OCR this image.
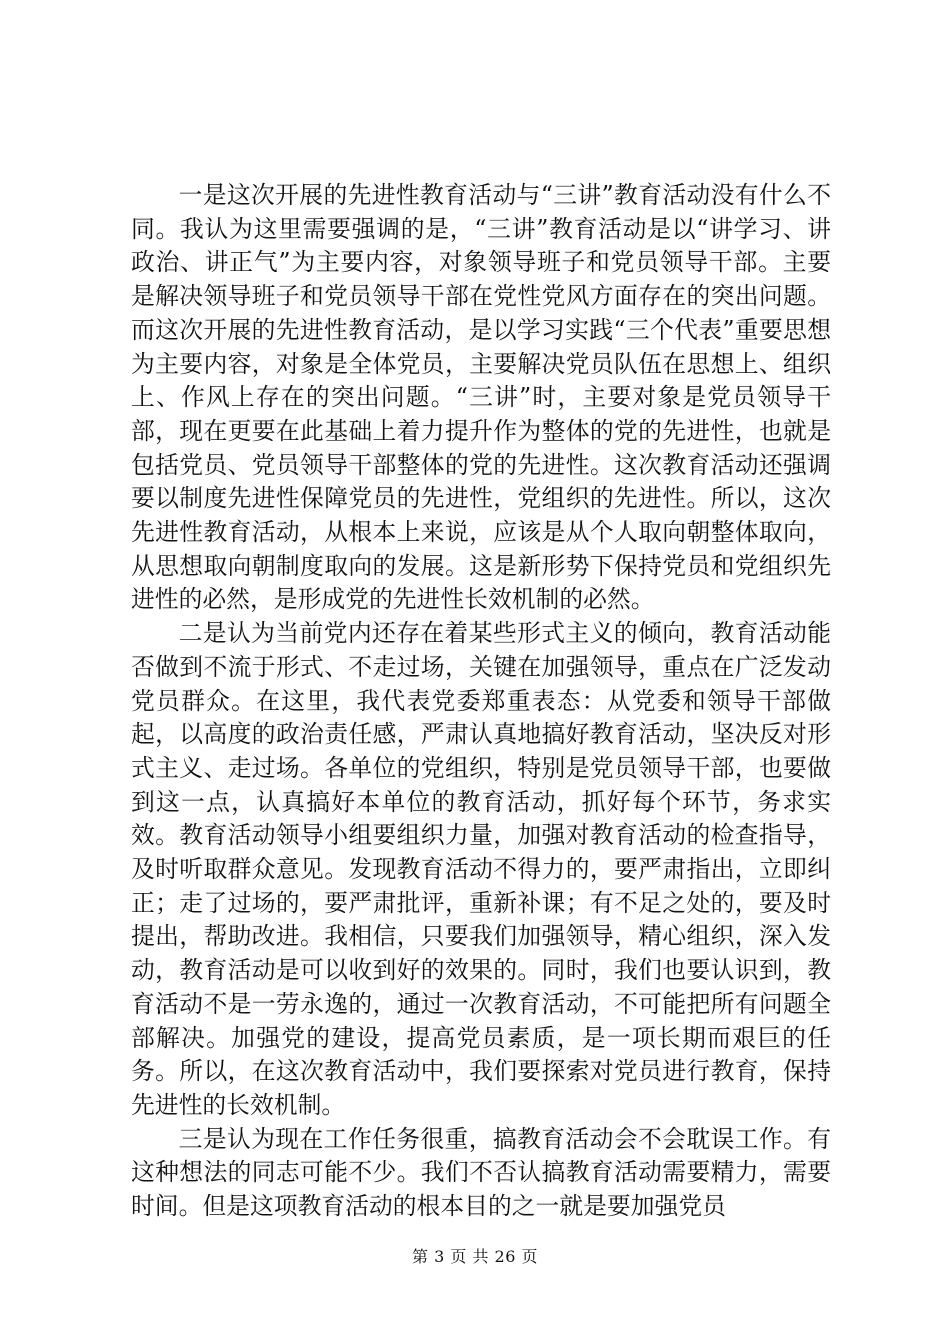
一是这次开展的先进性教育活动与“三讲”教育活动没有什么不同。我认为这里需要强调的是，“三讲”教育活动是以“讲学习、讲政治、讲正气”为主要内容，对象领导班子和党员领导干部。主要是解决领导班子和党员领导干部在党性党风方面存在的突出问题。而这次开展的先进性教育活动，是以学习实践“三个代表”重要思想为主要内容，对象是全体党员，主要解决党员队伍在思想上、组织上、作风上存在的突出问题。“三讲”时，主要对象是党员领导干部，现在更要在此基础上着力提升作为整体的党的先进性，也就是包括党员、党员领导干部整体的党的先进性。这次教育活动还强调要以制度先进性保障党员的先进性，党组织的先进性。所以，这次先进性教育活动，从根本上来说，应该是从个人取向朝整体取向，从思想取向朝制度取向的发展。这是新形势下保持党员和党组织先进性的必然，是形成党的先进性长效机制的必然。

二是认为当前党内还存在着某些形式主义的倾向，教育活动能否做到不流于形式、不走过场，关键在加强领导，重点在广泛发动党员群众。在这里，我代表党委郑重表态：从党委和领导干部做起，以高度的政治责任感，严肃认真地搞好教育活动，坚决反对形式主义、走过场。各单位的党组织，特别是党员领导干部，也要做到这一点，认真搞好本单位的教育活动，抓好每个环节，务求实效。教育活动领导小组要组织力量，加强对教育活动的检查指导，及时听取群众意见。发现教育活动不得力的，要严肃指出，立即纠正；走了过场的，要严肃批评，重新补课；有不足之处的，要及时提出，帮助改进。我相信，只要我们加强领导，精心组织，深入发动，教育活动是可以收到好的效果的。同时，我们也要认识到，教育活动不是一劳永逸的，通过一次教育活动，不可能把所有问题全部解决。加强党的建设，提高党员素质，是一项长期而艰巨的任务。所以，在这次教育活动中，我们要探索对党员进行教育，保持先进性的长效机制。

三是认为现在工作任务很重，搞教育活动会不会耽误工作。有这种想法的同志可能不少。我们不否认搞教育活动需要精力，需要时间。但是这项教育活动的根本目的之一就是要加强党员

第 3 页 共 26 页
